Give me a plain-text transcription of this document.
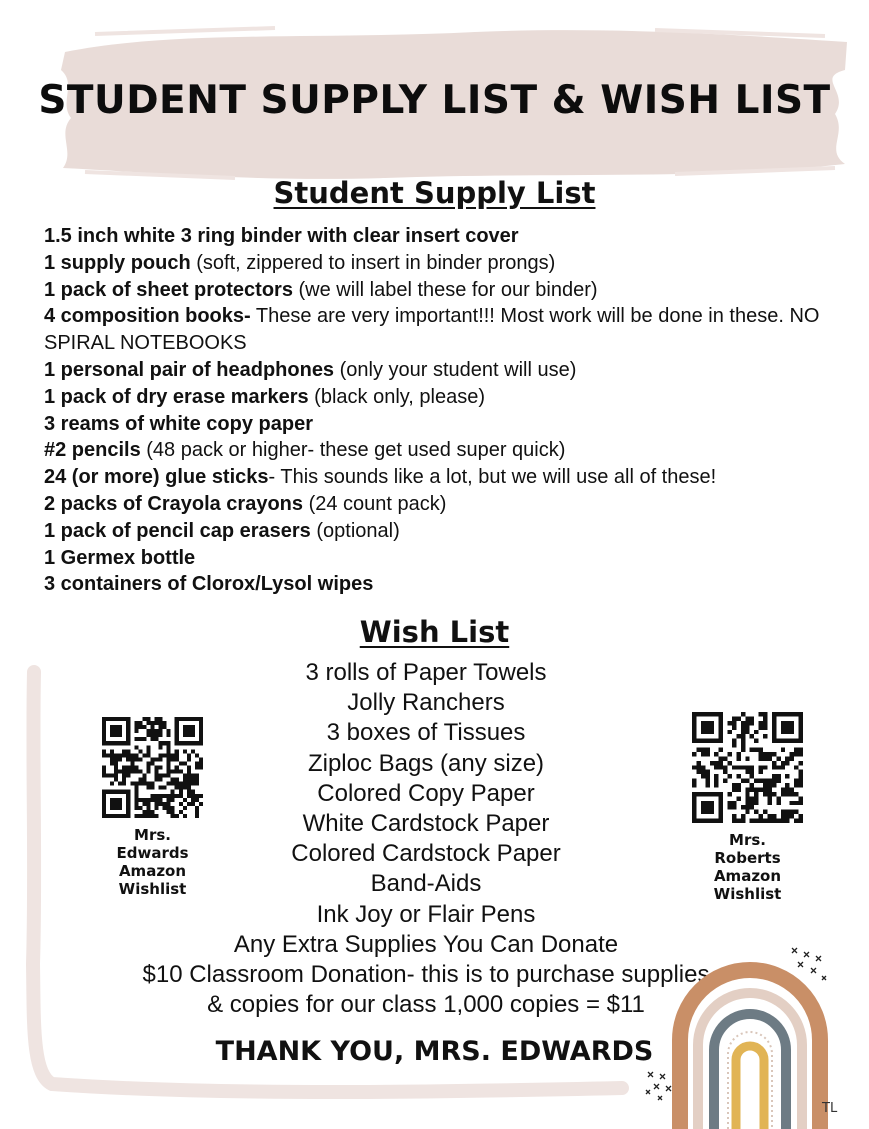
STUDENT SUPPLY LIST & WISH LIST
Student Supply List
1.5 inch white 3 ring binder with clear insert cover
1 supply pouch (soft, zippered to insert in binder prongs)
1 pack of sheet protectors (we will label these for our binder)
4 composition books- These are very important!!! Most work will be done in these. NO SPIRAL NOTEBOOKS
1 personal pair of headphones (only your student will use)
1 pack of dry erase markers (black only, please)
3 reams of white copy paper
#2 pencils (48 pack or higher- these get used super quick)
24 (or more) glue sticks- This sounds like a lot, but we will use all of these!
2 packs of Crayola crayons (24 count pack)
1 pack of pencil cap erasers (optional)
1 Germex bottle
3 containers of Clorox/Lysol wipes
Wish List
3 rolls of Paper Towels
Jolly Ranchers
3 boxes of Tissues
Ziploc Bags (any size)
Colored Copy Paper
White Cardstock Paper
Colored Cardstock Paper
Band-Aids
Ink Joy or Flair Pens
Any Extra Supplies You Can Donate
$10 Classroom Donation- this is to purchase supplies
& copies for our class 1,000 copies = $11
Mrs.
Edwards
Amazon
Wishlist
Mrs.
Roberts
Amazon
Wishlist

THANK YOU, MRS. EDWARDS

TL
